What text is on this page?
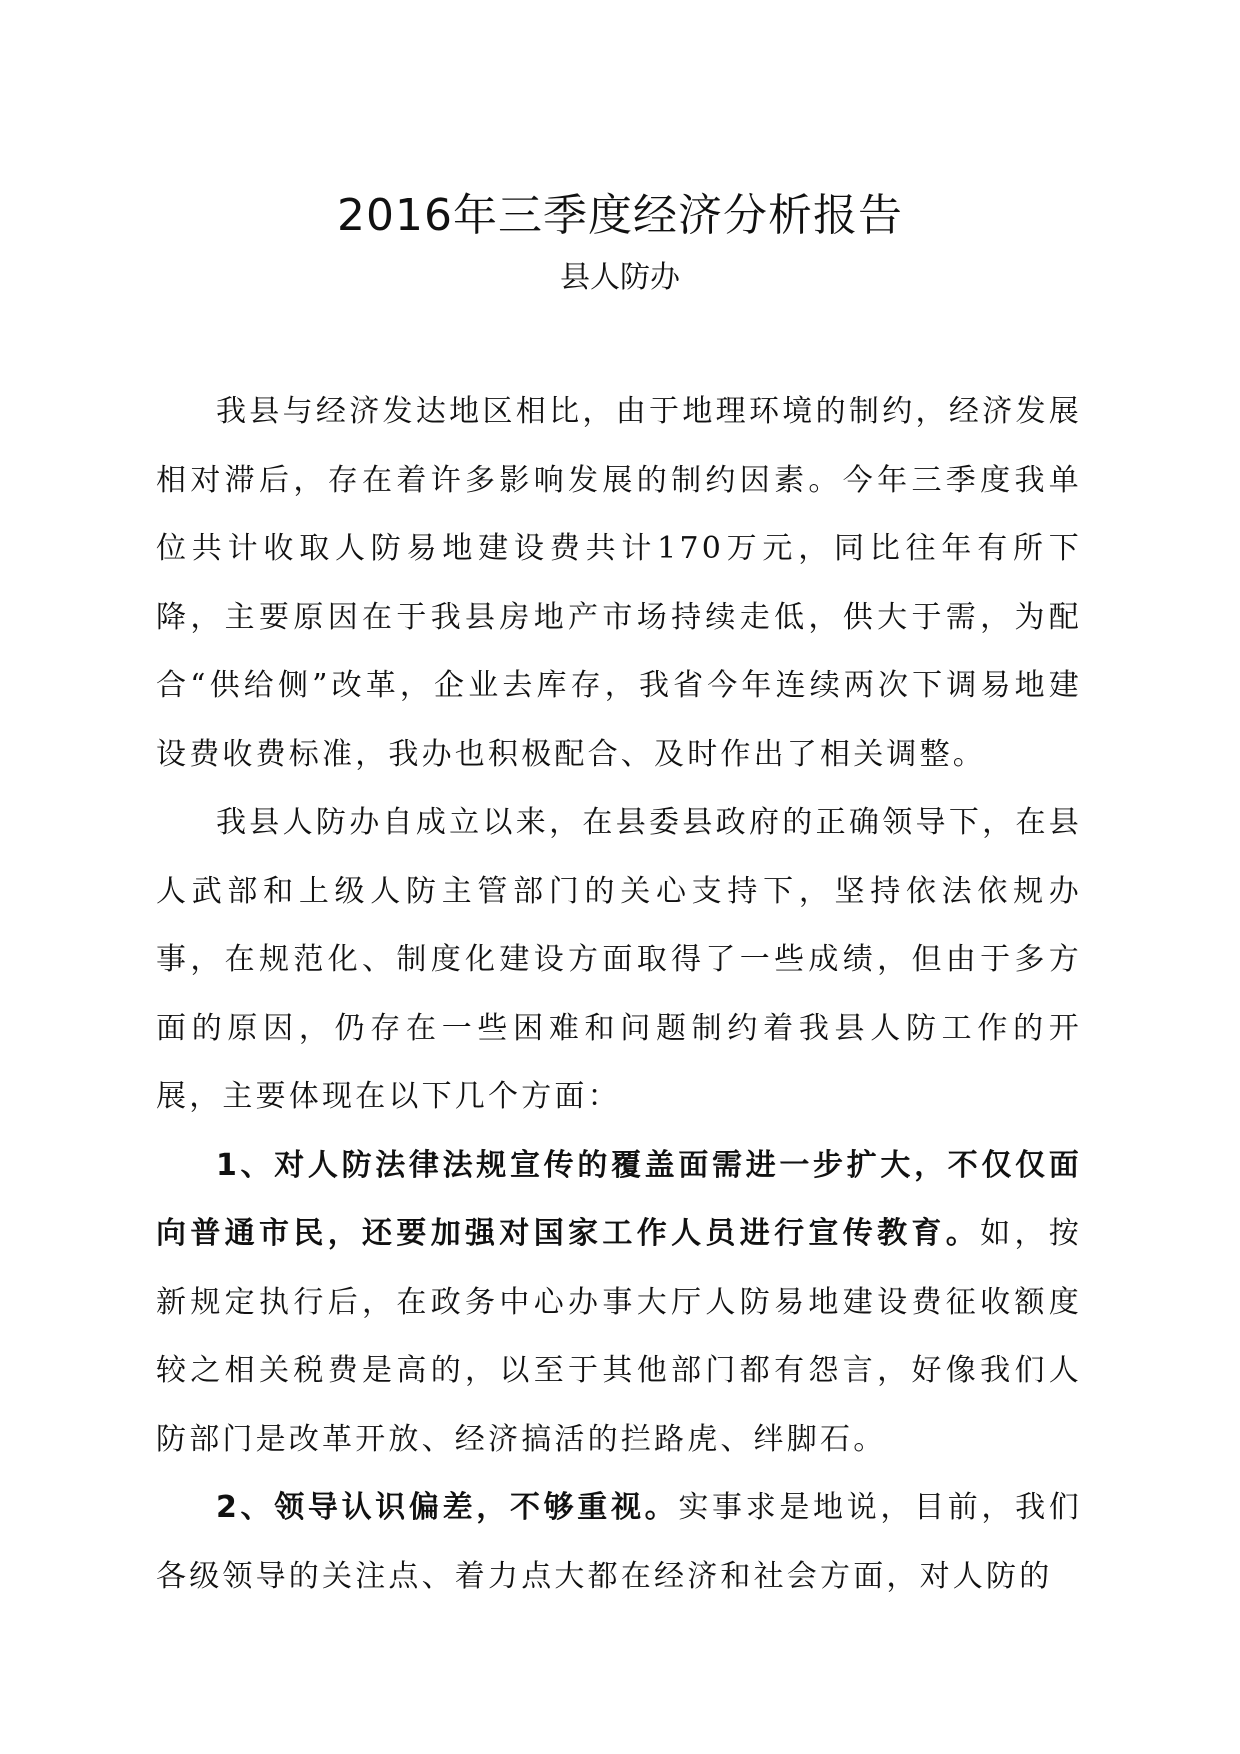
2016年三季度经济分析报告
县人防办

我县与经济发达地区相比，由于地理环境的制约，经济发展相对滞后，存在着许多影响发展的制约因素。今年三季度我单位共计收取人防易地建设费共计170万元，同比往年有所下降，主要原因在于我县房地产市场持续走低，供大于需，为配合“供给侧”改革，企业去库存，我省今年连续两次下调易地建设费收费标准，我办也积极配合、及时作出了相关调整。

我县人防办自成立以来，在县委县政府的正确领导下，在县人武部和上级人防主管部门的关心支持下，坚持依法依规办事，在规范化、制度化建设方面取得了一些成绩，但由于多方面的原因，仍存在一些困难和问题制约着我县人防工作的开展，主要体现在以下几个方面：

1、对人防法律法规宣传的覆盖面需进一步扩大，不仅仅面向普通市民，还要加强对国家工作人员进行宣传教育。如，按新规定执行后，在政务中心办事大厅人防易地建设费征收额度较之相关税费是高的，以至于其他部门都有怨言，好像我们人防部门是改革开放、经济搞活的拦路虎、绊脚石。

2、领导认识偏差，不够重视。实事求是地说，目前，我们各级领导的关注点、着力点大都在经济和社会方面，对人防的
